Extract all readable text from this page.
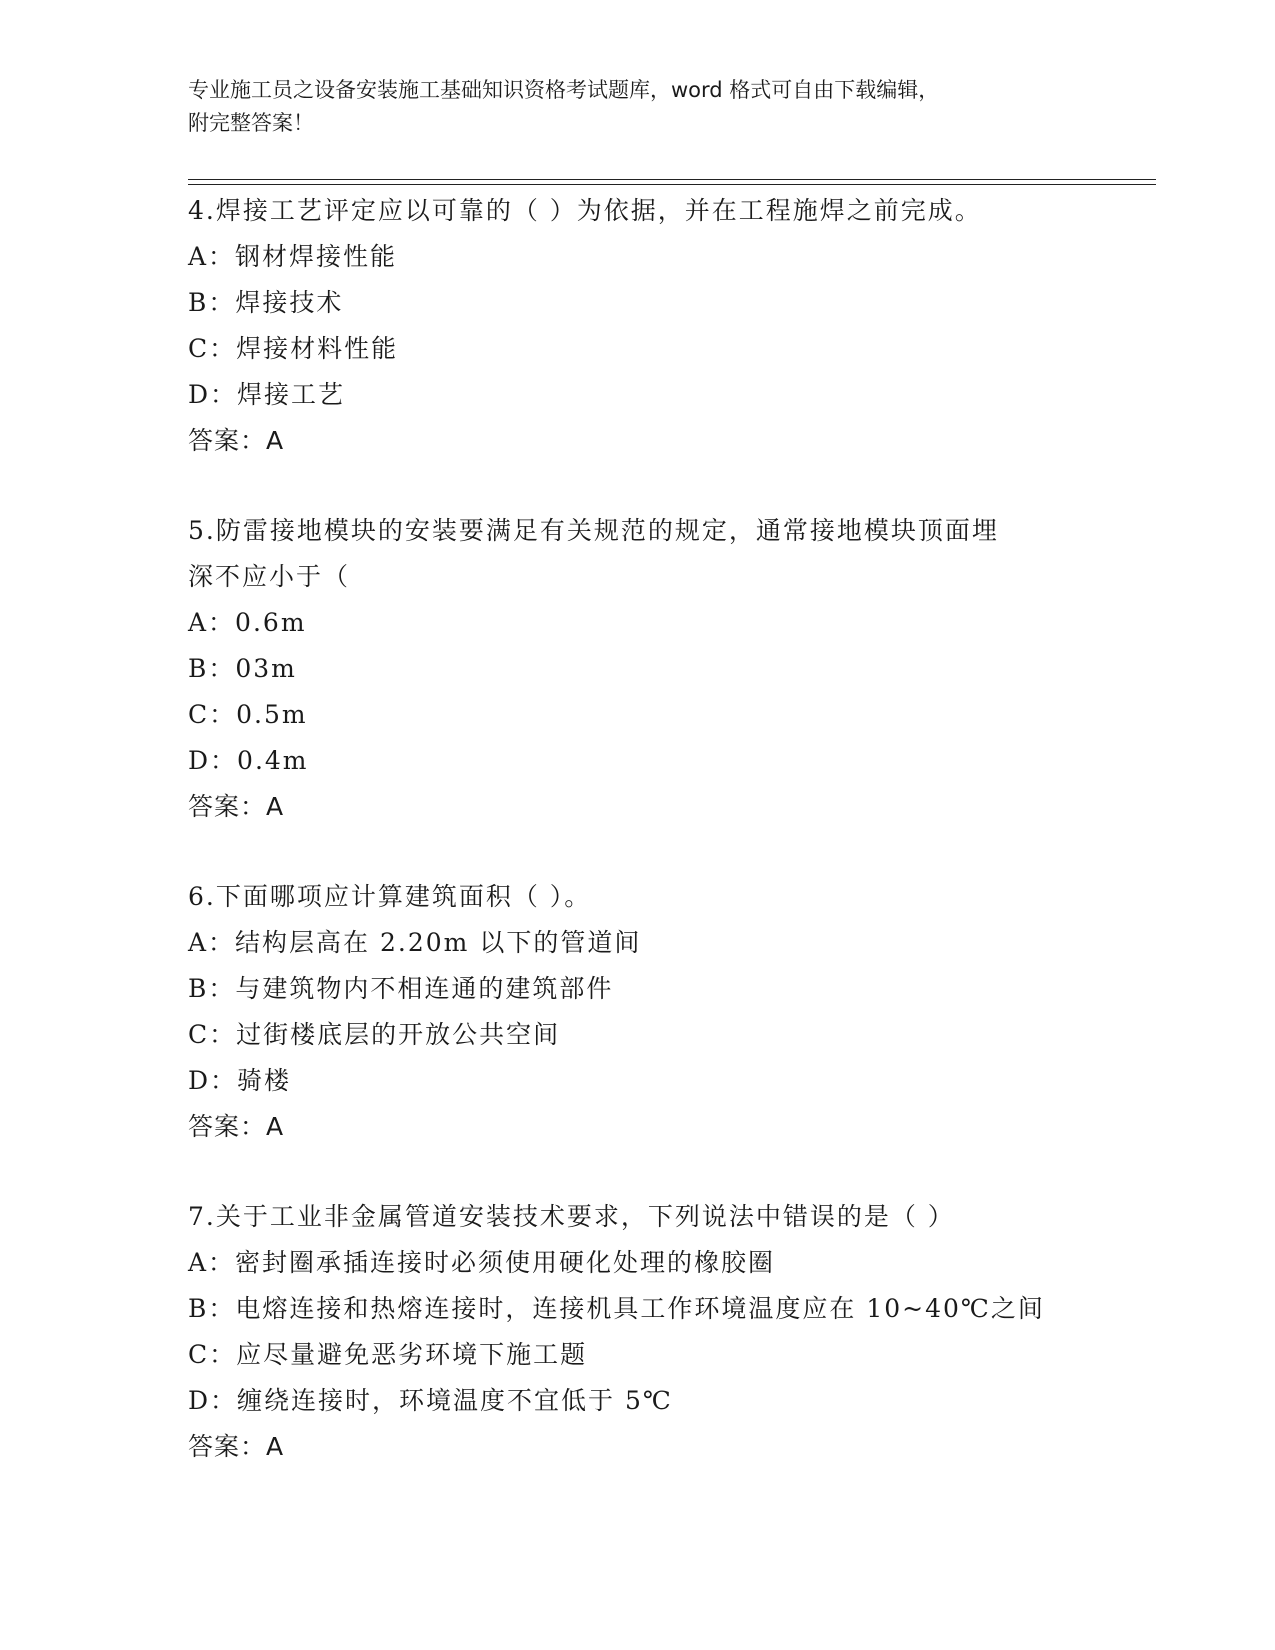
专业施工员之设备安装施工基础知识资格考试题库，word 格式可自由下载编辑，
附完整答案！
4.焊接工艺评定应以可靠的（ ）为依据，并在工程施焊之前完成。
A：钢材焊接性能
B：焊接技术
C：焊接材料性能
D：焊接工艺
答案：A
5.防雷接地模块的安装要满足有关规范的规定，通常接地模块顶面埋
深不应小于（
A：0.6m
B：03m
C：0.5m
D：0.4m
答案：A
6.下面哪项应计算建筑面积（ ）。
A：结构层高在 2.20m 以下的管道间
B：与建筑物内不相连通的建筑部件
C：过街楼底层的开放公共空间
D：骑楼
答案：A
7.关于工业非金属管道安装技术要求，下列说法中错误的是（ ）
A：密封圈承插连接时必须使用硬化处理的橡胶圈
B：电熔连接和热熔连接时，连接机具工作环境温度应在 10~40℃之间
C：应尽量避免恶劣环境下施工题
D：缠绕连接时，环境温度不宜低于 5℃
答案：A
